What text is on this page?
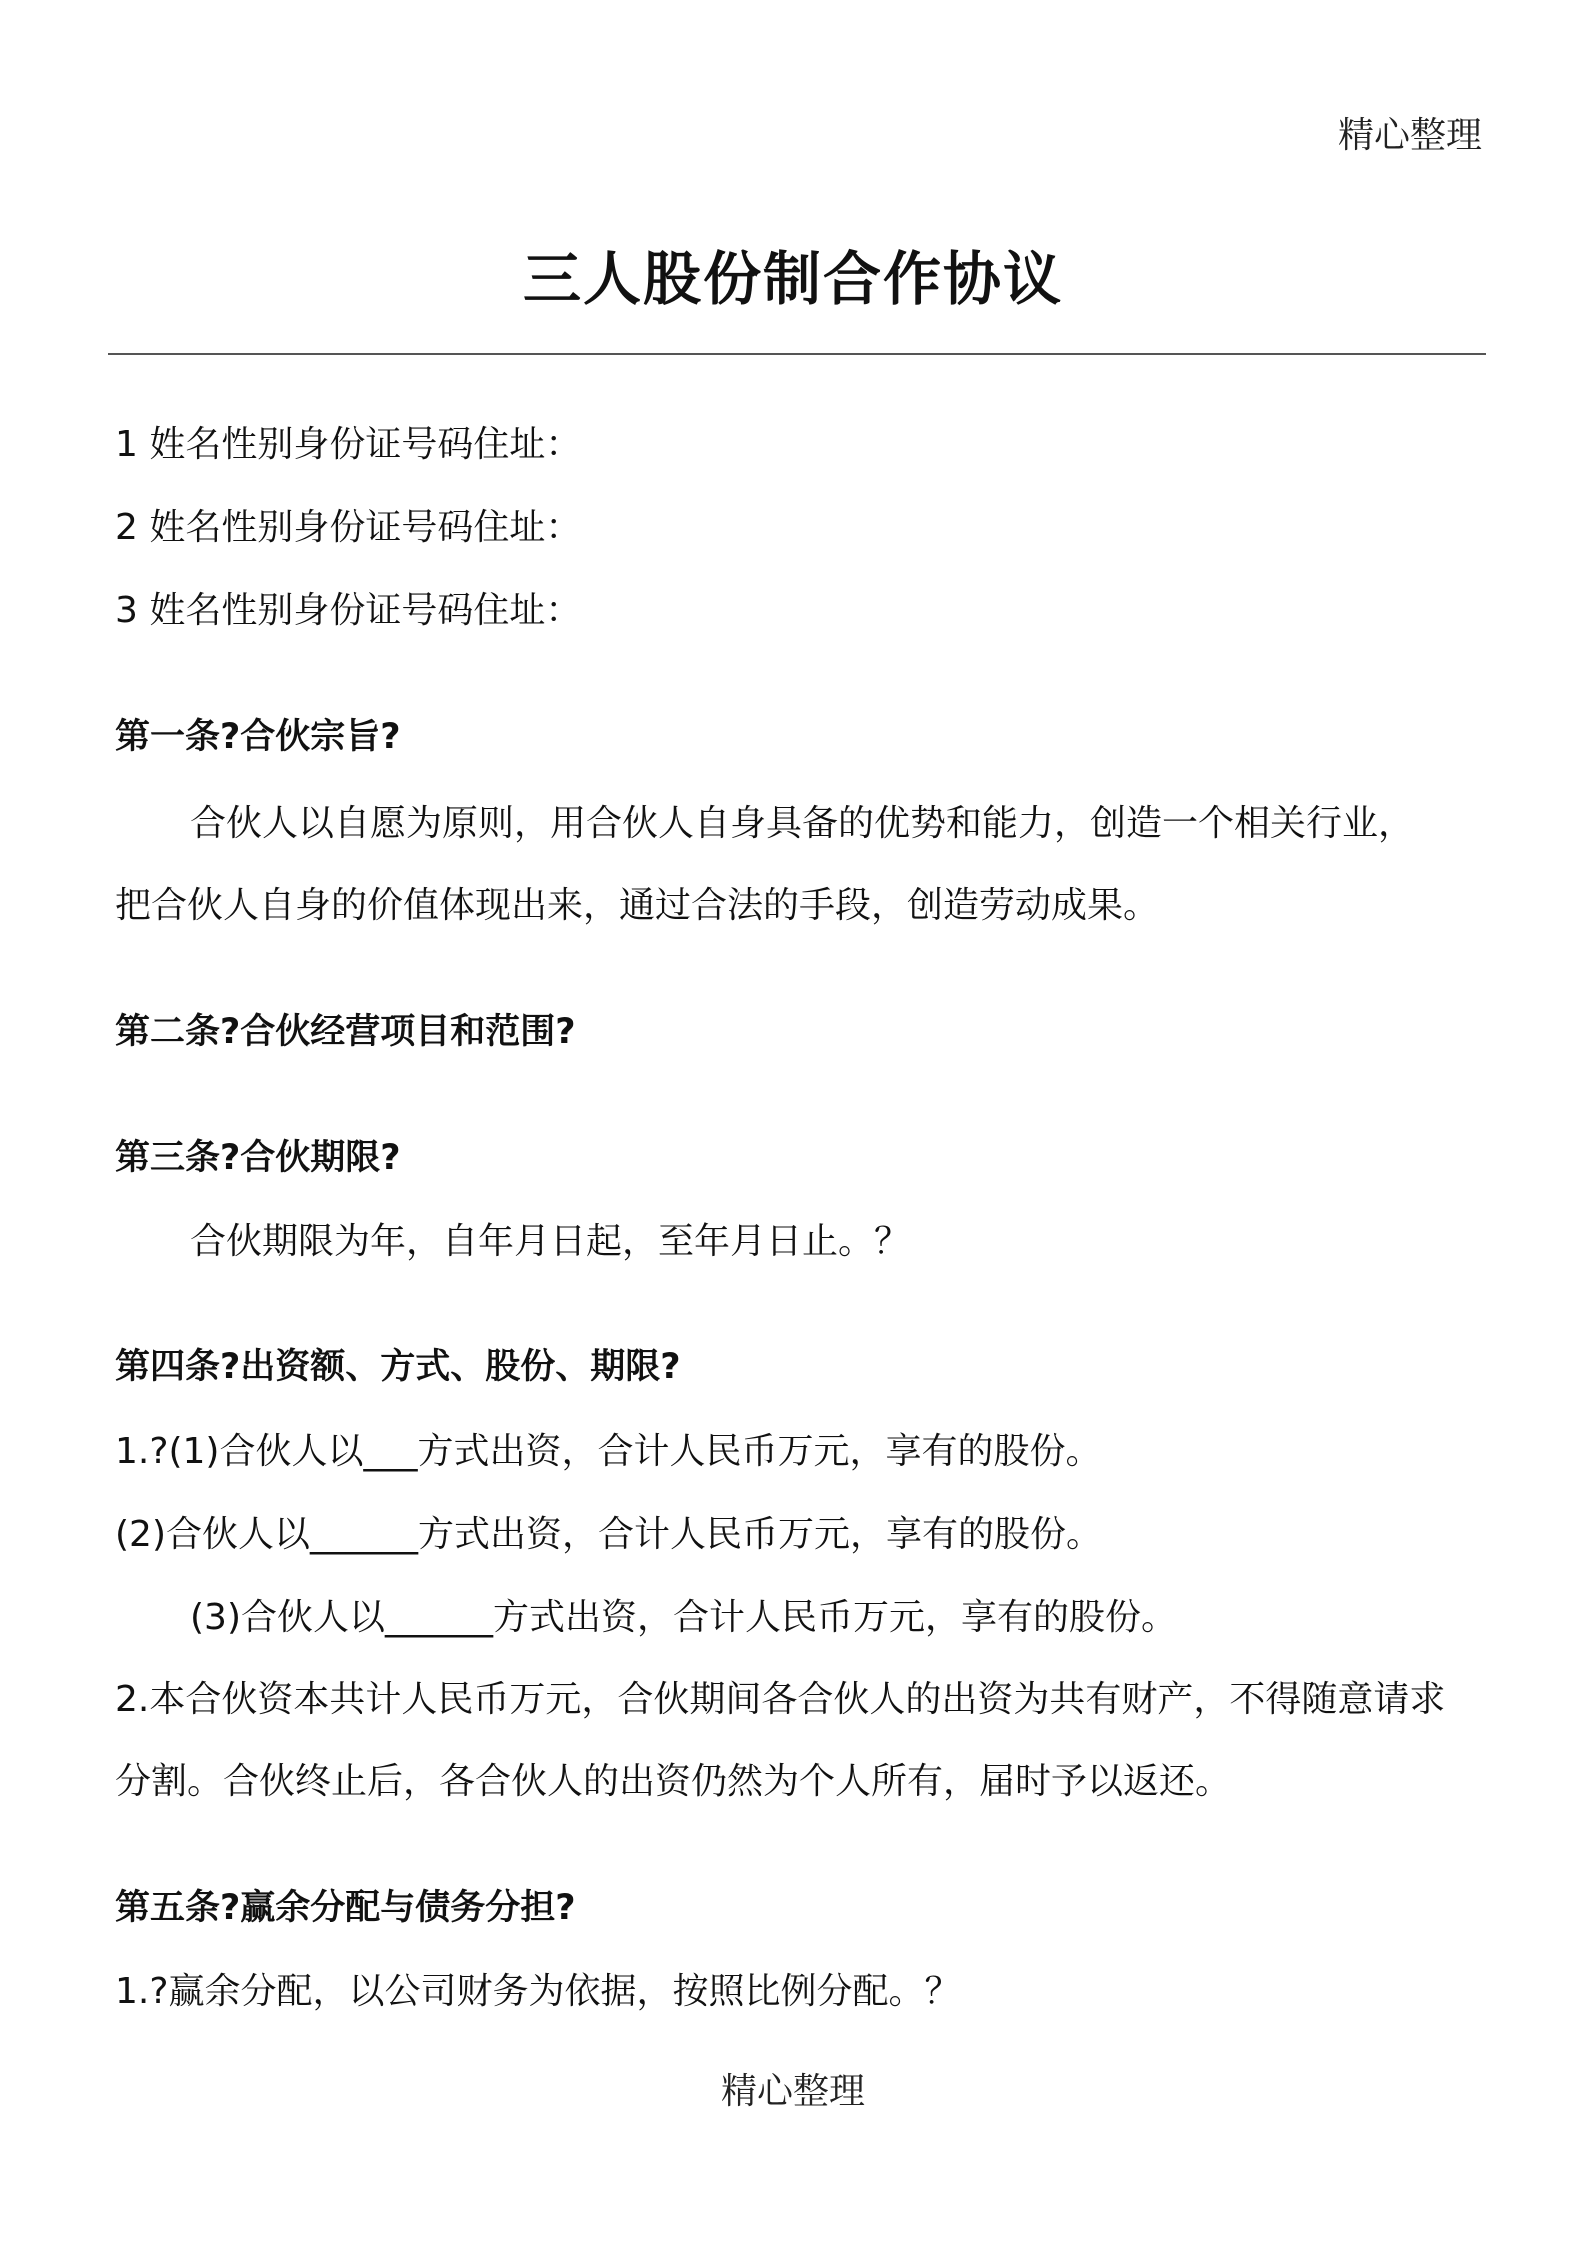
精心整理
三人股份制合作协议
1 姓名性别身份证号码住址：
2 姓名性别身份证号码住址：
3 姓名性别身份证号码住址：
第一条?合伙宗旨?
合伙人以自愿为原则，用合伙人自身具备的优势和能力，创造一个相关行业，
把合伙人自身的价值体现出来，通过合法的手段，创造劳动成果。
第二条?合伙经营项目和范围?
第三条?合伙期限?
合伙期限为年，自年月日起，至年月日止。？
第四条?出资额、方式、股份、期限?
1.?(1)合伙人以___方式出资，合计人民币万元，享有的股份。
(2)合伙人以______方式出资，合计人民币万元，享有的股份。
(3)合伙人以______方式出资，合计人民币万元，享有的股份。
2.本合伙资本共计人民币万元，合伙期间各合伙人的出资为共有财产，不得随意请求
分割。合伙终止后，各合伙人的出资仍然为个人所有，届时予以返还。
第五条?赢余分配与债务分担?
1.?赢余分配，以公司财务为依据，按照比例分配。？
精心整理
